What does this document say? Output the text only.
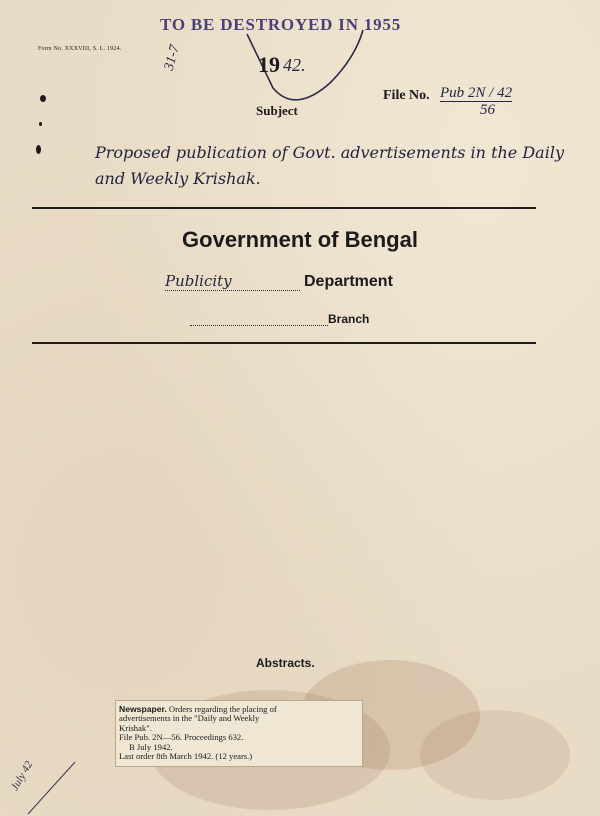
Form No. XXXVIII, S. L. 1924.
TO BE DESTROYED IN 1955
31-7	19 42.
Subject
File No. Pub 2N / 42
56
Proposed publication of Govt. advertisements in the Daily and Weekly Krishak.
Government of Bengal
Publicity	Department
Branch
Abstracts.
Newspaper. Orders regarding the placing of
advertisements in the "Daily and Weekly
Krishak".
File Pub. 2N—56. Proceedings 632.
B July 1942.
Last order 8th March 1942. (12 years.)
July 42
